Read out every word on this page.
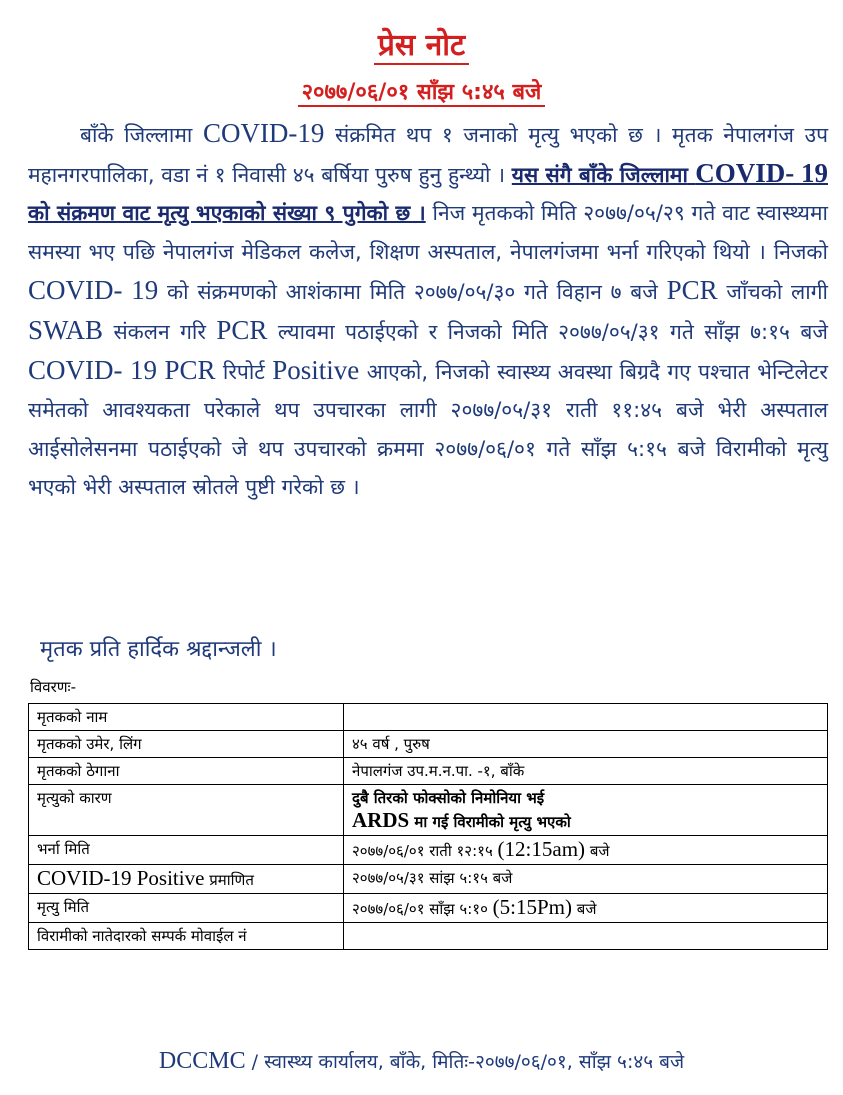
प्रेस नोट
२०७७/०६/०१ साँझ ५:४५ बजे

बाँके जिल्लामा COVID-19 संक्रमित थप १ जनाको मृत्यु भएको छ । मृतक नेपालगंज उप महानगरपालिका, वडा नं १ निवासी ४५ बर्षिया पुरुष हुनु हुन्थ्यो । यस संगै बाँके जिल्लामा COVID- 19 को संक्रमण वाट मृत्यु भएकाको संख्या ९ पुगेको छ । निज मृतकको मिति २०७७/०५/२९ गते वाट स्वास्थ्यमा समस्या भए पछि नेपालगंज मेडिकल कलेज, शिक्षण अस्पताल, नेपालगंजमा भर्ना गरिएको थियो । निजको COVID- 19 को संक्रमणको आशंकामा मिति २०७७/०५/३० गते विहान ७ बजे PCR जाँचको लागी SWAB संकलन गरि PCR ल्यावमा पठाईएको र निजको मिति २०७७/०५/३१ गते साँझ ७:१५ बजे COVID- 19 PCR रिपोर्ट Positive आएको, निजको स्वास्थ्य अवस्था बिग्रदै गए पश्चात भेन्टिलेटर समेतको आवश्यकता परेकाले थप उपचारका लागी २०७७/०५/३१ राती ११:४५ बजे भेरी अस्पताल आईसोलेसनमा पठाईएको जे थप उपचारको क्रममा २०७७/०६/०१ गते साँझ ५:१५ बजे विरामीको मृत्यु भएको भेरी अस्पताल स्रोतले पुष्टी गरेको छ ।

मृतक प्रति हार्दिक श्रद्दान्जली ।
विवरणः-
मृतकको नाम	
मृतकको उमेर, लिंग	४५ वर्ष , पुरुष
मृतकको ठेगाना	नेपालगंज उप.म.न.पा. -१, बाँके
मृत्युको कारण	दुबै तिरको फोक्सोको निमोनिया भई
ARDS मा गई विरामीको मृत्यु भएको

भर्ना मिति	२०७७/०६/०१ राती १२:१५ (12:15am) बजे
COVID-19 Positive प्रमाणित	२०७७/०५/३१ सांझ ५:१५ बजे
मृत्यु मिति	२०७७/०६/०१ साँझ ५:१० (5:15Pm) बजे
विरामीको नातेदारको सम्पर्क मोवाईल नं	
DCCMC / स्वास्थ्य कार्यालय, बाँके, मितिः-२०७७/०६/०१, साँझ ५:४५ बजे
